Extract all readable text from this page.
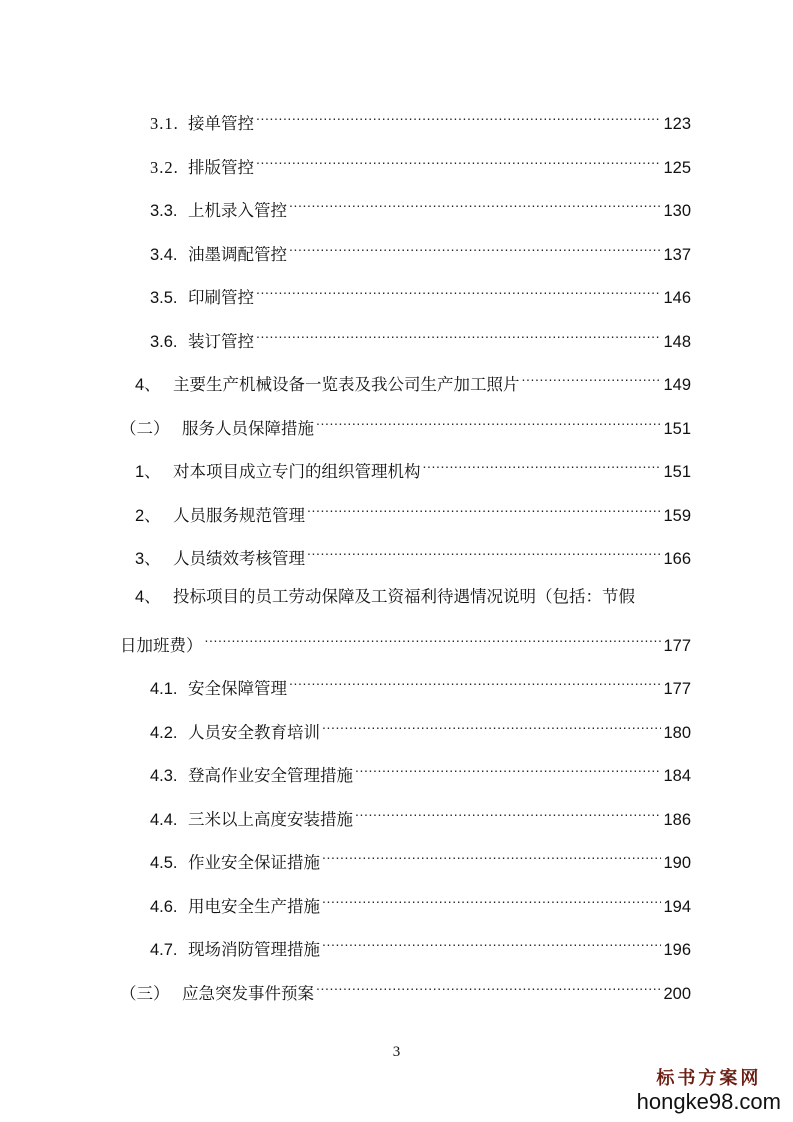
3.1. 接单管控 .....	123
3.2. 排版管控 .....	125
3.3. 上机录入管控 .....	130
3.4. 油墨调配管控 .....	137
3.5. 印刷管控 .....	146
3.6. 装订管控 .....	148
4、 主要生产机械设备一览表及我公司生产加工照片 .....	149
（二） 服务人员保障措施 .....	151
1、 对本项目成立专门的组织管理机构 .....	151
2、 人员服务规范管理 .....	159
3、 人员绩效考核管理 .....	166
4、 投标项目的员工劳动保障及工资福利待遇情况说明（包括：节假
日加班费） .....	177
4.1. 安全保障管理 .....	177
4.2. 人员安全教育培训 .....	180
4.3. 登高作业安全管理措施 .....	184
4.4. 三米以上高度安装措施 .....	186
4.5. 作业安全保证措施 .....	190
4.6. 用电安全生产措施 .....	194
4.7. 现场消防管理措施 .....	196
（三） 应急突发事件预案 .....	200
3
标书方案网
hongke98.com
